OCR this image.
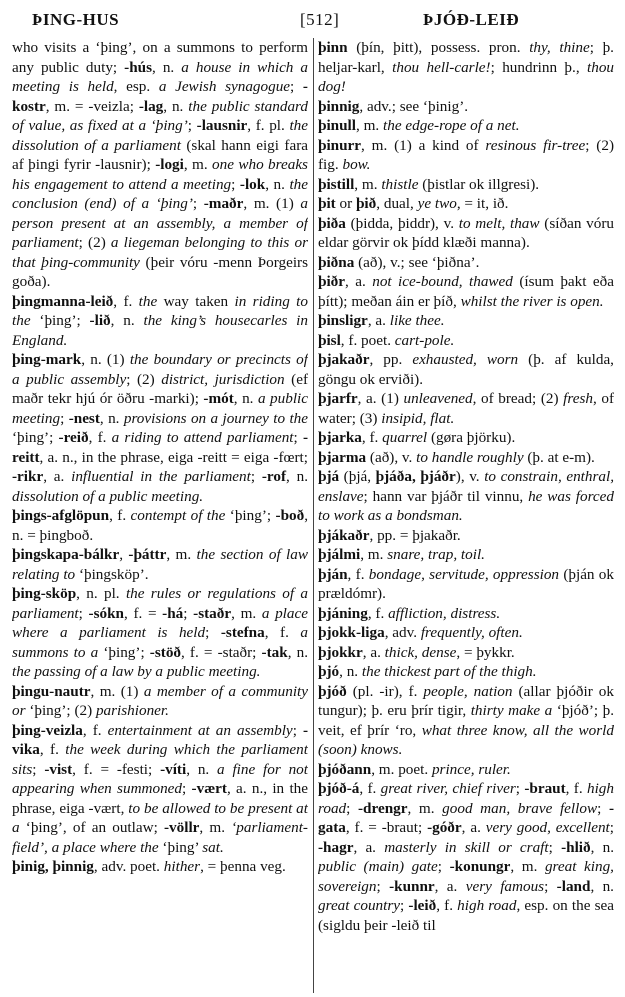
ÞING-HUS	[512]	ÞJÓÐ-LEIÐ

who visits a ‘þing’, on a summons to perform any public duty; -hús, n. a house in which a meeting is held, esp. a Jewish synagogue; -kostr, m. = -veizla; -lag, n. the public standard of value, as fixed at a ‘þing’; -lausnir, f. pl. the dissolution of a parliament (skal hann eigi fara af þingi fyrir -lausnir); -logi, m. one who breaks his engagement to attend a meeting; -lok, n. the conclusion (end) of a ‘þing’; -maðr, m. (1) a person present at an assembly, a member of parliament; (2) a liegeman belonging to this or that þing-community (þeir vóru -menn Þorgeirs goða).

þingmanna-leið, f. the way taken in riding to the ‘þing’; -lið, n. the king’s housecarles in England.

þing-mark, n. (1) the boundary or precincts of a public assembly; (2) district, jurisdiction (ef maðr tekr hjú ór öðru -marki); -mót, n. a public meeting; -nest, n. provisions on a journey to the ‘þing’; -reið, f. a riding to attend parliament; -reitt, a. n., in the phrase, eiga -reitt = eiga -fœrt; -rikr, a. influential in the parliament; -rof, n. dissolution of a public meeting.

þings-afglöpun, f. contempt of the ‘þing’; -boð, n. = þingboð.

þingskapa-bálkr, -þáttr, m. the section of law relating to ‘þingsköp’.

þing-sköp, n. pl. the rules or regulations of a parliament; -sókn, f. = -há; -staðr, m. a place where a parliament is held; -stefna, f. a summons to a ‘þing’; -stöð, f. = -staðr; -tak, n. the passing of a law by a public meeting.

þingu-nautr, m. (1) a member of a community or ‘þing’; (2) parishioner.

þing-veizla, f. entertainment at an assembly; -vika, f. the week during which the parliament sits; -vist, f. = -festi; -víti, n. a fine for not appearing when summoned; -vært, a. n., in the phrase, eiga -vært, to be allowed to be present at a ‘þing’, of an outlaw; -völlr, m. ‘parliament-field’, a place where the ‘þing’ sat.

þinig, þinnig, adv. poet. hither, = þenna veg.

þinn (þín, þitt), possess. pron. thy, thine; þ. heljar-karl, thou hell-carle!; hundrinn þ., thou dog!

þinnig, adv.; see ‘þinig’.

þinull, m. the edge-rope of a net.

þinurr, m. (1) a kind of resinous fir-tree; (2) fig. bow.

þistill, m. thistle (þistlar ok illgresi).

þit or þið, dual, ye two, = it, ið.

þiða (þidda, þiddr), v. to melt, thaw (síðan vóru eldar görvir ok þídd klæði manna).

þiðna (að), v.; see ‘þiðna’.

þiðr, a. not ice-bound, thawed (ísum þakt eða þítt); meðan áin er þíð, whilst the river is open.

þinsligr, a. like thee.

þisl, f. poet. cart-pole.

þjakaðr, pp. exhausted, worn (þ. af kulda, göngu ok erviði).

þjarfr, a. (1) unleavened, of bread; (2) fresh, of water; (3) insipid, flat.

þjarka, f. quarrel (gøra þjörku).

þjarma (að), v. to handle roughly (þ. at e-m).

þjá (þjá, þjáða, þjáðr), v. to constrain, enthral, enslave; hann var þjáðr til vinnu, he was forced to work as a bondsman.

þjákaðr, pp. = þjakaðr.

þjálmi, m. snare, trap, toil.

þján, f. bondage, servitude, oppression (þján ok prældómr).

þjáning, f. affliction, distress.

þjokk-liga, adv. frequently, often.

þjokkr, a. thick, dense, = þykkr.

þjó, n. the thickest part of the thigh.

þjóð (pl. -ir), f. people, nation (allar þjóðir ok tungur); þ. eru þrír tigir, thirty make a ‘þjóð’; þ. veit, ef þrír ‘ro, what three know, all the world (soon) knows.

þjóðann, m. poet. prince, ruler.

þjóð-á, f. great river, chief river; -braut, f. high road; -drengr, m. good man, brave fellow; -gata, f. = -braut; -góðr, a. very good, excellent; -hagr, a. masterly in skill or craft; -hlið, n. public (main) gate; -konungr, m. great king, sovereign; -kunnr, a. very famous; -land, n. great country; -leið, f. high road, esp. on the sea (sigldu þeir -leið til
